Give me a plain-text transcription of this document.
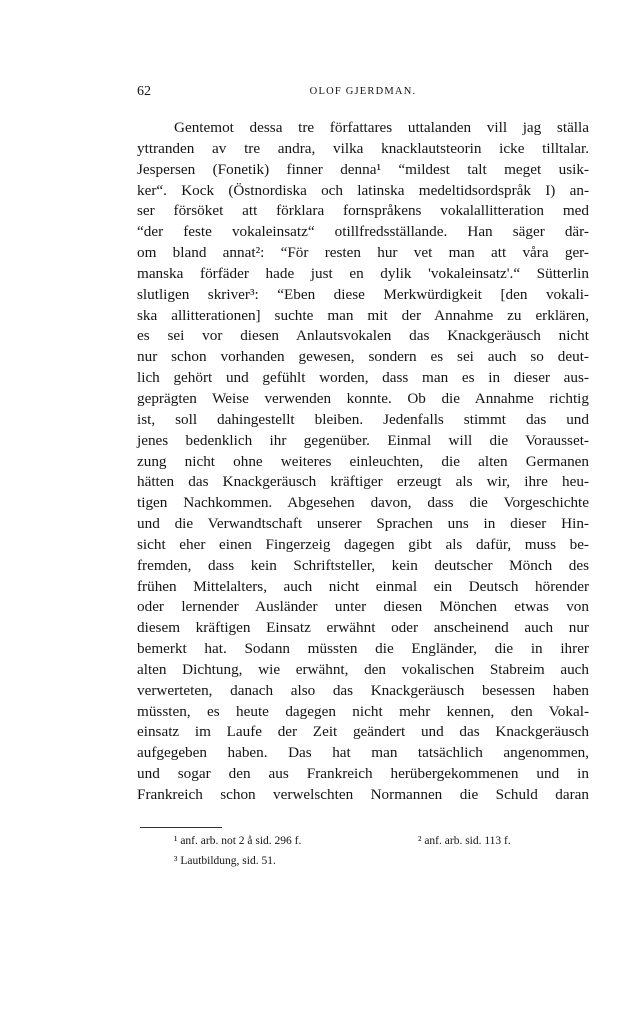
62	OLOF GJERDMAN.
Gentemot dessa tre författares uttalanden vill jag ställa
yttranden av tre andra, vilka knacklautsteorin icke tilltalar.
Jespersen (Fonetik) finner denna¹ “mildest talt meget usik-
ker“. Kock (Östnordiska och latinska medeltidsordspråk I) an-
ser försöket att förklara fornspråkens vokalallitteration med
“der feste vokaleinsatz“ otillfredsställande. Han säger där-
om bland annat²: “För resten hur vet man att våra ger-
manska förfäder hade just en dylik 'vokaleinsatz'.“ Sütterlin
slutligen skriver³: “Eben diese Merkwürdigkeit [den vokali-
ska allitterationen] suchte man mit der Annahme zu erklären,
es sei vor diesen Anlautsvokalen das Knackgeräusch nicht
nur schon vorhanden gewesen, sondern es sei auch so deut-
lich gehört und gefühlt worden, dass man es in dieser aus-
geprägten Weise verwenden konnte. Ob die Annahme richtig
ist, soll dahingestellt bleiben. Jedenfalls stimmt das und
jenes bedenklich ihr gegenüber. Einmal will die Vorausset-
zung nicht ohne weiteres einleuchten, die alten Germanen
hätten das Knackgeräusch kräftiger erzeugt als wir, ihre heu-
tigen Nachkommen. Abgesehen davon, dass die Vorgeschichte
und die Verwandtschaft unserer Sprachen uns in dieser Hin-
sicht eher einen Fingerzeig dagegen gibt als dafür, muss be-
fremden, dass kein Schriftsteller, kein deutscher Mönch des
frühen Mittelalters, auch nicht einmal ein Deutsch hörender
oder lernender Ausländer unter diesen Mönchen etwas von
diesem kräftigen Einsatz erwähnt oder anscheinend auch nur
bemerkt hat. Sodann müssten die Engländer, die in ihrer
alten Dichtung, wie erwähnt, den vokalischen Stabreim auch
verwerteten, danach also das Knackgeräusch besessen haben
müssten, es heute dagegen nicht mehr kennen, den Vokal-
einsatz im Laufe der Zeit geändert und das Knackgeräusch
aufgegeben haben. Das hat man tatsächlich angenommen,
und sogar den aus Frankreich herübergekommenen und in
Frankreich schon verwelschten Normannen die Schuld daran
¹ anf. arb. not 2 å sid. 296 f.	² anf. arb. sid. 113 f.
³ Lautbildung, sid. 51.
